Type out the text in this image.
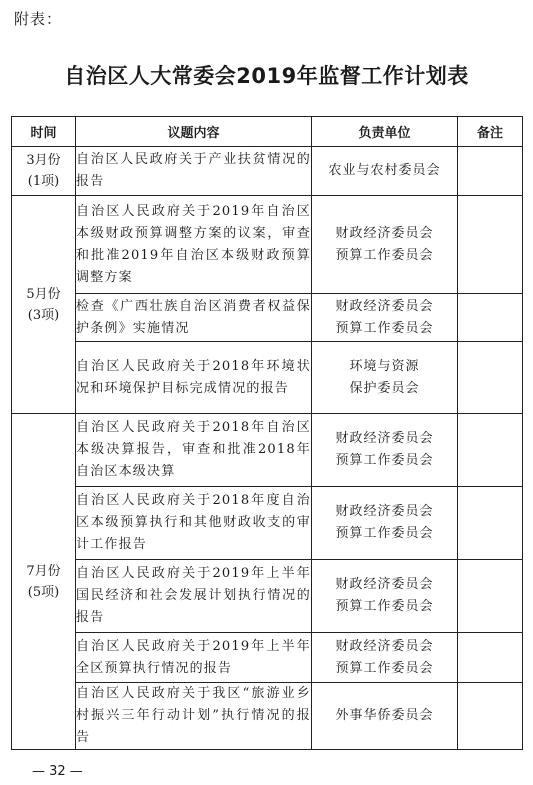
附表：
自治区人大常委会2019年监督工作计划表
时间	议题内容	负责单位	备注

3月份
(1项)	自治区人民政府关于产业扶贫情况的报告	农业与农村委员会	

5月份
(3项)	自治区人民政府关于2019年自治区本级财政预算调整方案的议案，审查和批准2019年自治区本级财政预算调整方案	财政经济委员会
预算工作委员会	

	检查《广西壮族自治区消费者权益保护条例》实施情况	财政经济委员会
预算工作委员会	

	自治区人民政府关于2018年环境状况和环境保护目标完成情况的报告	环境与资源
保护委员会	

7月份
(5项)	自治区人民政府关于2018年自治区本级决算报告，审查和批准2018年自治区本级决算	财政经济委员会
预算工作委员会	

	自治区人民政府关于2018年度自治区本级预算执行和其他财政收支的审计工作报告	财政经济委员会
预算工作委员会	

	自治区人民政府关于2019年上半年国民经济和社会发展计划执行情况的报告	财政经济委员会
预算工作委员会	

	自治区人民政府关于2019年上半年全区预算执行情况的报告	财政经济委员会
预算工作委员会	

	自治区人民政府关于我区“旅游业乡村振兴三年行动计划”执行情况的报告	外事华侨委员会	

— 32 —
